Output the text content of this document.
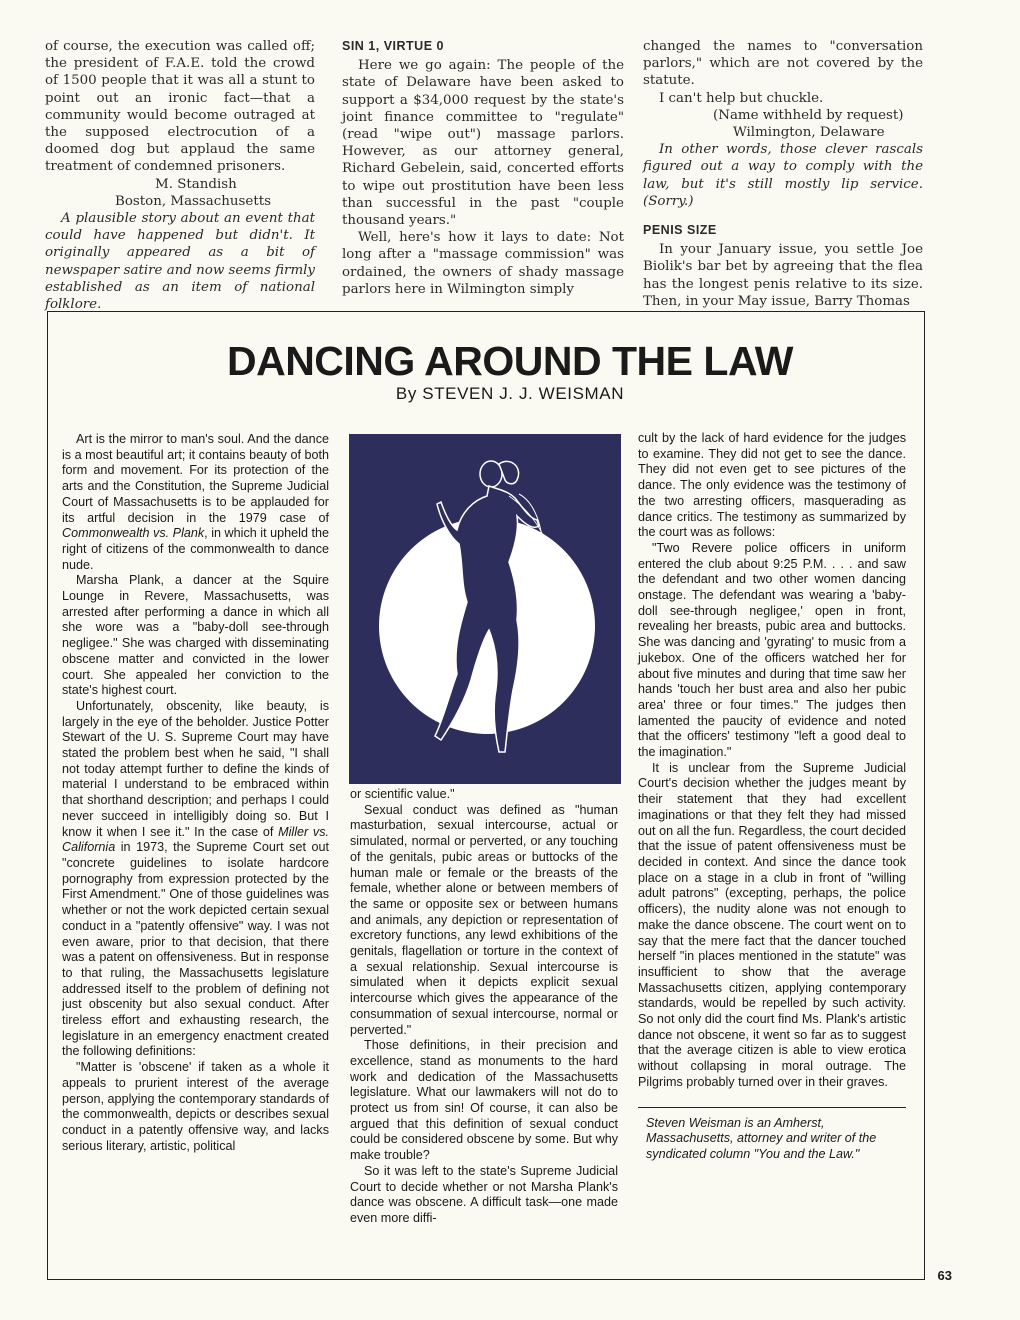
of course, the execution was called off; the president of F.A.E. told the crowd of 1500 people that it was all a stunt to point out an ironic fact—that a community would become outraged at the supposed electrocution of a doomed dog but applaud the same treatment of condemned prisoners.

M. Standish

Boston, Massachusetts

A plausible story about an event that could have happened but didn't. It originally appeared as a bit of newspaper satire and now seems firmly established as an item of national folklore.

SIN 1, VIRTUE 0

Here we go again: The people of the state of Delaware have been asked to support a $34,000 request by the state's joint finance committee to "regulate" (read "wipe out") massage parlors. However, as our attorney general, Richard Gebelein, said, concerted efforts to wipe out prostitution have been less than successful in the past "couple thousand years."

Well, here's how it lays to date: Not long after a "massage commission" was ordained, the owners of shady massage parlors here in Wilmington simply

changed the names to "conversation parlors," which are not covered by the statute.

I can't help but chuckle.

(Name withheld by request)

Wilmington, Delaware

In other words, those clever rascals figured out a way to comply with the law, but it's still mostly lip service. (Sorry.)

PENIS SIZE

In your January issue, you settle Joe Biolik's bar bet by agreeing that the flea has the longest penis relative to its size. Then, in your May issue, Barry Thomas

DANCING AROUND THE LAW
By STEVEN J. J. WEISMAN

Art is the mirror to man's soul. And the dance is a most beautiful art; it contains beauty of both form and movement. For its protection of the arts and the Constitution, the Supreme Judicial Court of Massachusetts is to be applauded for its artful decision in the 1979 case of Commonwealth vs. Plank, in which it upheld the right of citizens of the commonwealth to dance nude.

Marsha Plank, a dancer at the Squire Lounge in Revere, Massachusetts, was arrested after performing a dance in which all she wore was a "baby-doll see-through negligee." She was charged with disseminating obscene matter and convicted in the lower court. She appealed her conviction to the state's highest court.

Unfortunately, obscenity, like beauty, is largely in the eye of the beholder. Justice Potter Stewart of the U. S. Supreme Court may have stated the problem best when he said, "I shall not today attempt further to define the kinds of material I understand to be embraced within that shorthand description; and perhaps I could never succeed in intelligibly doing so. But I know it when I see it." In the case of Miller vs. California in 1973, the Supreme Court set out "concrete guidelines to isolate hardcore pornography from expression protected by the First Amendment." One of those guidelines was whether or not the work depicted certain sexual conduct in a "patently offensive" way. I was not even aware, prior to that decision, that there was a patent on offensiveness. But in response to that ruling, the Massachusetts legislature addressed itself to the problem of defining not just obscenity but also sexual conduct. After tireless effort and exhausting research, the legislature in an emergency enactment created the following definitions:

"Matter is 'obscene' if taken as a whole it appeals to prurient interest of the average person, applying the contemporary standards of the commonwealth, depicts or describes sexual conduct in a patently offensive way, and lacks serious literary, artistic, political

or scientific value."

Sexual conduct was defined as "human masturbation, sexual intercourse, actual or simulated, normal or perverted, or any touching of the genitals, pubic areas or buttocks of the human male or female or the breasts of the female, whether alone or between members of the same or opposite sex or between humans and animals, any depiction or representation of excretory functions, any lewd exhibitions of the genitals, flagellation or torture in the context of a sexual relationship. Sexual intercourse is simulated when it depicts explicit sexual intercourse which gives the appearance of the consummation of sexual intercourse, normal or perverted."

Those definitions, in their precision and excellence, stand as monuments to the hard work and dedication of the Massachusetts legislature. What our lawmakers will not do to protect us from sin! Of course, it can also be argued that this definition of sexual conduct could be considered obscene by some. But why make trouble?

So it was left to the state's Supreme Judicial Court to decide whether or not Marsha Plank's dance was obscene. A difficult task—one made even more diffi-

cult by the lack of hard evidence for the judges to examine. They did not get to see the dance. They did not even get to see pictures of the dance. The only evidence was the testimony of the two arresting officers, masquerading as dance critics. The testimony as summarized by the court was as follows:

"Two Revere police officers in uniform entered the club about 9:25 P.M. . . . and saw the defendant and two other women dancing onstage. The defendant was wearing a 'baby-doll see-through negligee,' open in front, revealing her breasts, pubic area and buttocks. She was dancing and 'gyrating' to music from a jukebox. One of the officers watched her for about five minutes and during that time saw her hands 'touch her bust area and also her pubic area' three or four times." The judges then lamented the paucity of evidence and noted that the officers' testimony "left a good deal to the imagination."

It is unclear from the Supreme Judicial Court's decision whether the judges meant by their statement that they had excellent imaginations or that they felt they had missed out on all the fun. Regardless, the court decided that the issue of patent offensiveness must be decided in context. And since the dance took place on a stage in a club in front of "willing adult patrons" (excepting, perhaps, the police officers), the nudity alone was not enough to make the dance obscene. The court went on to say that the mere fact that the dancer touched herself "in places mentioned in the statute" was insufficient to show that the average Massachusetts citizen, applying contemporary standards, would be repelled by such activity. So not only did the court find Ms. Plank's artistic dance not obscene, it went so far as to suggest that the average citizen is able to view erotica without collapsing in moral outrage. The Pilgrims probably turned over in their graves.

Steven Weisman is an Amherst, Massachusetts, attorney and writer of the syndicated column "You and the Law."

63
